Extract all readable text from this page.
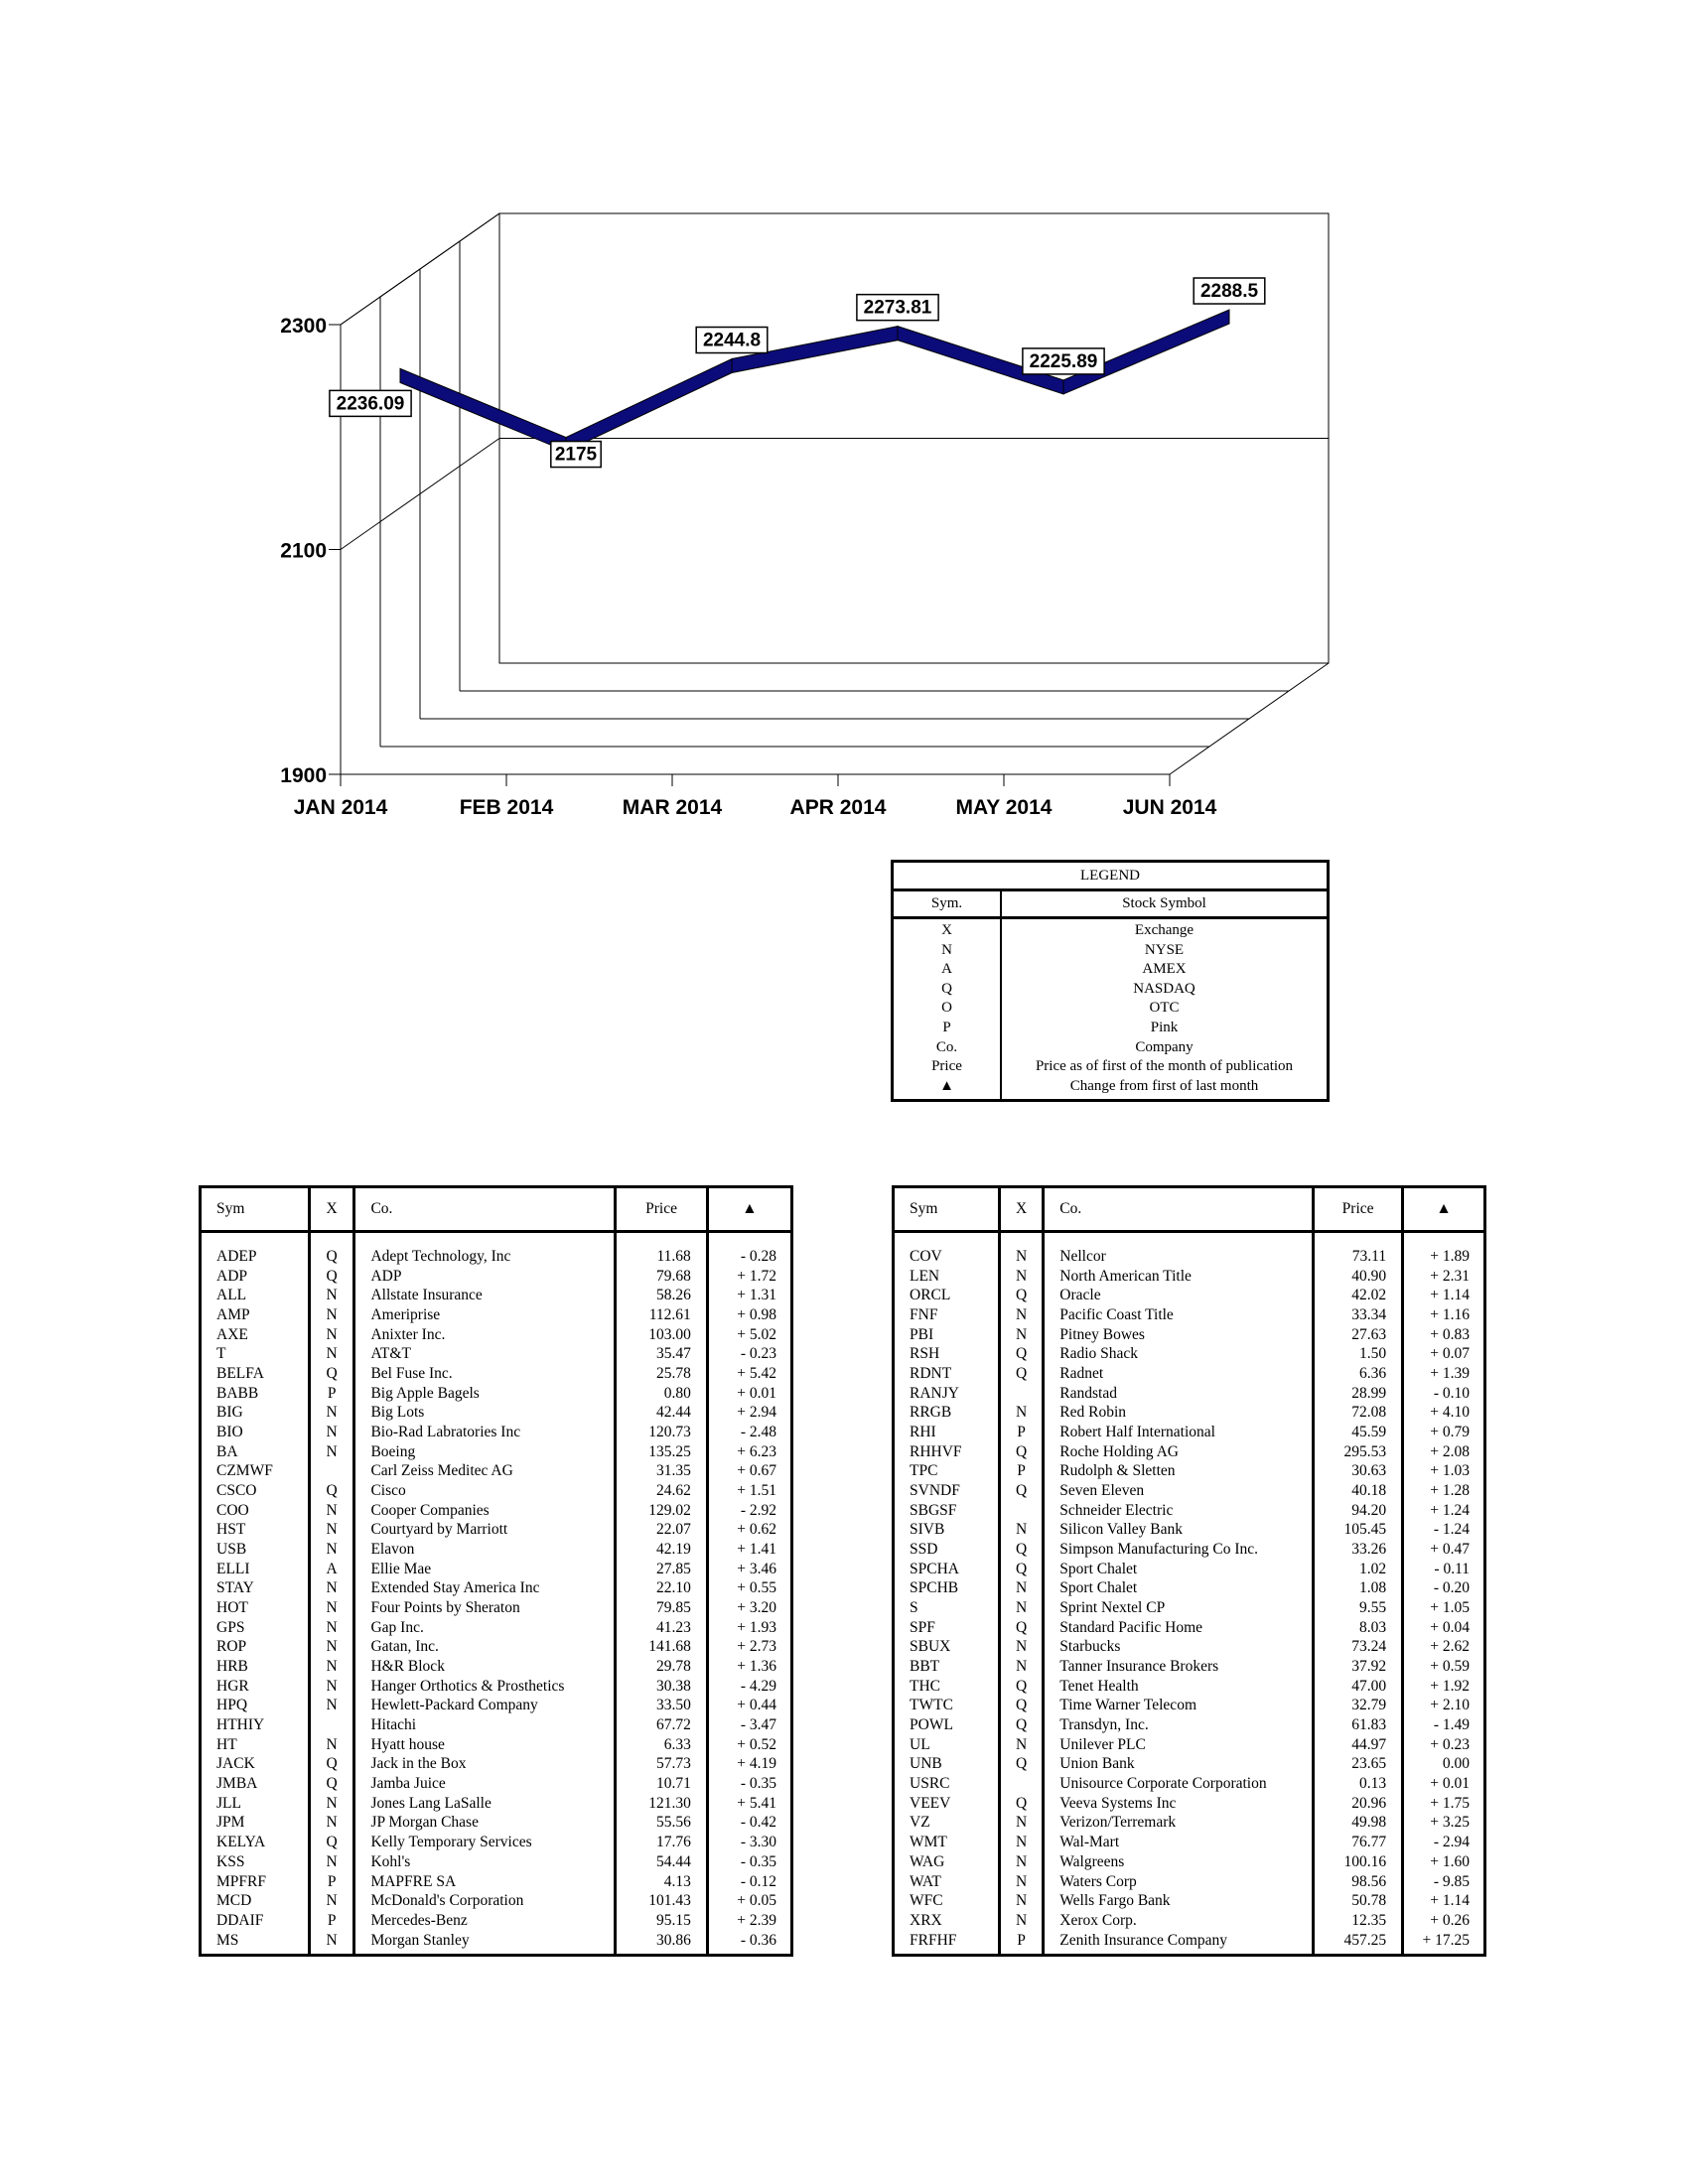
1900
2100
2300
JAN 2014	FEB 2014	MAR 2014	APR 2014	MAY 2014	JUN 2014
2236.09
2175
2244.8
2273.81
2225.89
2288.5
LEGEND	
Sym.	Stock Symbol
X	Exchange
N	NYSE
A	AMEX
Q	NASDAQ
O	OTC
P	Pink
Co.	Company
Price	Price as of first of the month of publication
▲	Change from first of last month
Sym	X	Co.	Price	▲

ADEP	Q	Adept Technology, Inc	11.68	- 0.28
ADP	Q	ADP	79.68	+ 1.72
ALL	N	Allstate Insurance	58.26	+ 1.31
AMP	N	Ameriprise	112.61	+ 0.98
AXE	N	Anixter Inc.	103.00	+ 5.02
T	N	AT&T	35.47	- 0.23
BELFA	Q	Bel Fuse Inc.	25.78	+ 5.42
BABB	P	Big Apple Bagels	0.80	+ 0.01
BIG	N	Big Lots	42.44	+ 2.94
BIO	N	Bio-Rad Labratories Inc	120.73	- 2.48
BA	N	Boeing	135.25	+ 6.23
CZMWF		Carl Zeiss Meditec AG	31.35	+ 0.67
CSCO	Q	Cisco	24.62	+ 1.51
COO	N	Cooper Companies	129.02	- 2.92
HST	N	Courtyard by Marriott	22.07	+ 0.62
USB	N	Elavon	42.19	+ 1.41
ELLI	A	Ellie Mae	27.85	+ 3.46
STAY	N	Extended Stay America Inc	22.10	+ 0.55
HOT	N	Four Points by Sheraton	79.85	+ 3.20
GPS	N	Gap Inc.	41.23	+ 1.93
ROP	N	Gatan, Inc.	141.68	+ 2.73
HRB	N	H&R Block	29.78	+ 1.36
HGR	N	Hanger Orthotics & Prosthetics	30.38	- 4.29
HPQ	N	Hewlett-Packard Company	33.50	+ 0.44
HTHIY		Hitachi	67.72	- 3.47
HT	N	Hyatt house	6.33	+ 0.52
JACK	Q	Jack in the Box	57.73	+ 4.19
JMBA	Q	Jamba Juice	10.71	- 0.35
JLL	N	Jones Lang LaSalle	121.30	+ 5.41
JPM	N	JP Morgan Chase	55.56	- 0.42
KELYA	Q	Kelly Temporary Services	17.76	- 3.30
KSS	N	Kohl's	54.44	- 0.35
MPFRF	P	MAPFRE SA	4.13	- 0.12
MCD	N	McDonald's Corporation	101.43	+ 0.05
DDAIF	P	Mercedes-Benz	95.15	+ 2.39
MS	N	Morgan Stanley	30.86	- 0.36

Sym	X	Co.	Price	▲

COV	N	Nellcor	73.11	+ 1.89
LEN	N	North American Title	40.90	+ 2.31
ORCL	Q	Oracle	42.02	+ 1.14
FNF	N	Pacific Coast Title	33.34	+ 1.16
PBI	N	Pitney Bowes	27.63	+ 0.83
RSH	Q	Radio Shack	1.50	+ 0.07
RDNT	Q	Radnet	6.36	+ 1.39
RANJY		Randstad	28.99	- 0.10
RRGB	N	Red Robin	72.08	+ 4.10
RHI	P	Robert Half International	45.59	+ 0.79
RHHVF	Q	Roche Holding AG	295.53	+ 2.08
TPC	P	Rudolph & Sletten	30.63	+ 1.03
SVNDF	Q	Seven Eleven	40.18	+ 1.28
SBGSF		Schneider Electric	94.20	+ 1.24
SIVB	N	Silicon Valley Bank	105.45	- 1.24
SSD	Q	Simpson Manufacturing Co Inc.	33.26	+ 0.47
SPCHA	Q	Sport Chalet	1.02	- 0.11
SPCHB	N	Sport Chalet	1.08	- 0.20
S	N	Sprint Nextel CP	9.55	+ 1.05
SPF	Q	Standard Pacific Home	8.03	+ 0.04
SBUX	N	Starbucks	73.24	+ 2.62
BBT	N	Tanner Insurance Brokers	37.92	+ 0.59
THC	Q	Tenet Health	47.00	+ 1.92
TWTC	Q	Time Warner Telecom	32.79	+ 2.10
POWL	Q	Transdyn, Inc.	61.83	- 1.49
UL	N	Unilever PLC	44.97	+ 0.23
UNB	Q	Union Bank	23.65	0.00
USRC		Unisource Corporate Corporation	0.13	+ 0.01
VEEV	Q	Veeva Systems Inc	20.96	+ 1.75
VZ	N	Verizon/Terremark	49.98	+ 3.25
WMT	N	Wal-Mart	76.77	- 2.94
WAG	N	Walgreens	100.16	+ 1.60
WAT	N	Waters Corp	98.56	- 9.85
WFC	N	Wells Fargo Bank	50.78	+ 1.14
XRX	N	Xerox Corp.	12.35	+ 0.26
FRFHF	P	Zenith Insurance Company	457.25	+ 17.25
